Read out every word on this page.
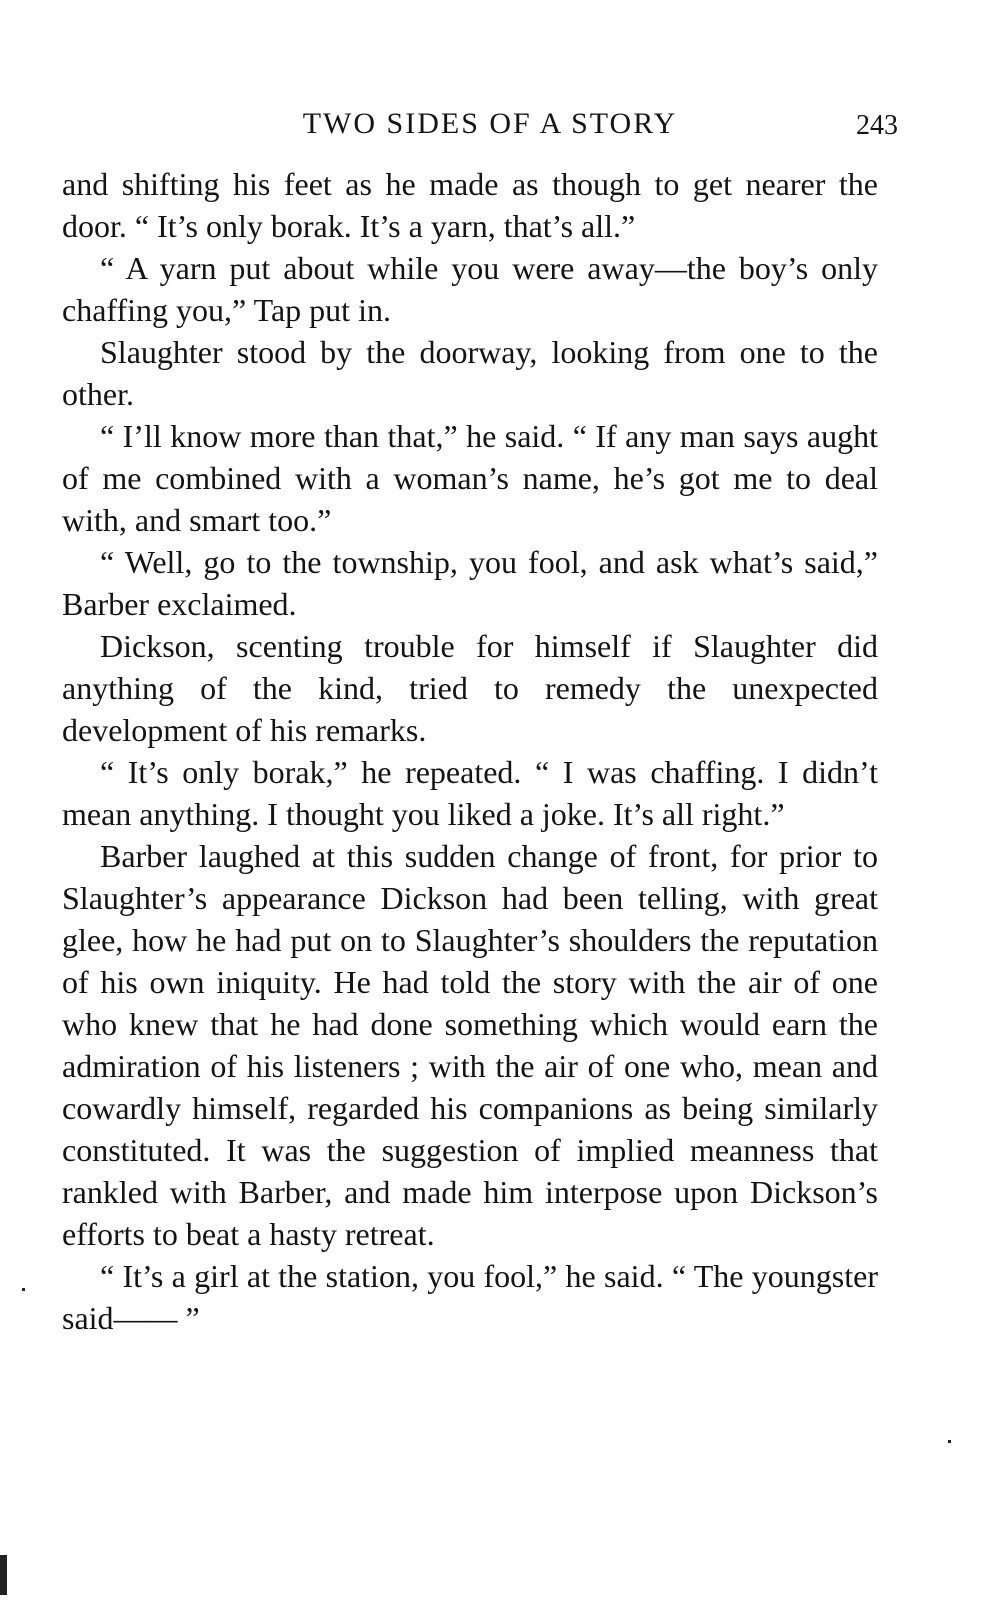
TWO SIDES OF A STORY	243

and shifting his feet as he made as though to get nearer the door. “ It’s only borak. It’s a yarn, that’s all.”

“ A yarn put about while you were away—the boy’s only chaffing you,” Tap put in.

Slaughter stood by the doorway, looking from one to the other.

“ I’ll know more than that,” he said. “ If any man says aught of me combined with a woman’s name, he’s got me to deal with, and smart too.”

“ Well, go to the township, you fool, and ask what’s said,” Barber exclaimed.

Dickson, scenting trouble for himself if Slaughter did anything of the kind, tried to remedy the unexpected development of his remarks.

“ It’s only borak,” he repeated. “ I was chaffing. I didn’t mean anything. I thought you liked a joke. It’s all right.”

Barber laughed at this sudden change of front, for prior to Slaughter’s appearance Dickson had been telling, with great glee, how he had put on to Slaughter’s shoulders the reputation of his own iniquity. He had told the story with the air of one who knew that he had done something which would earn the admiration of his listeners ; with the air of one who, mean and cowardly himself, regarded his companions as being similarly constituted. It was the suggestion of implied meanness that rankled with Barber, and made him interpose upon Dickson’s efforts to beat a hasty retreat.

“ It’s a girl at the station, you fool,” he said. “ The youngster said—— ”
